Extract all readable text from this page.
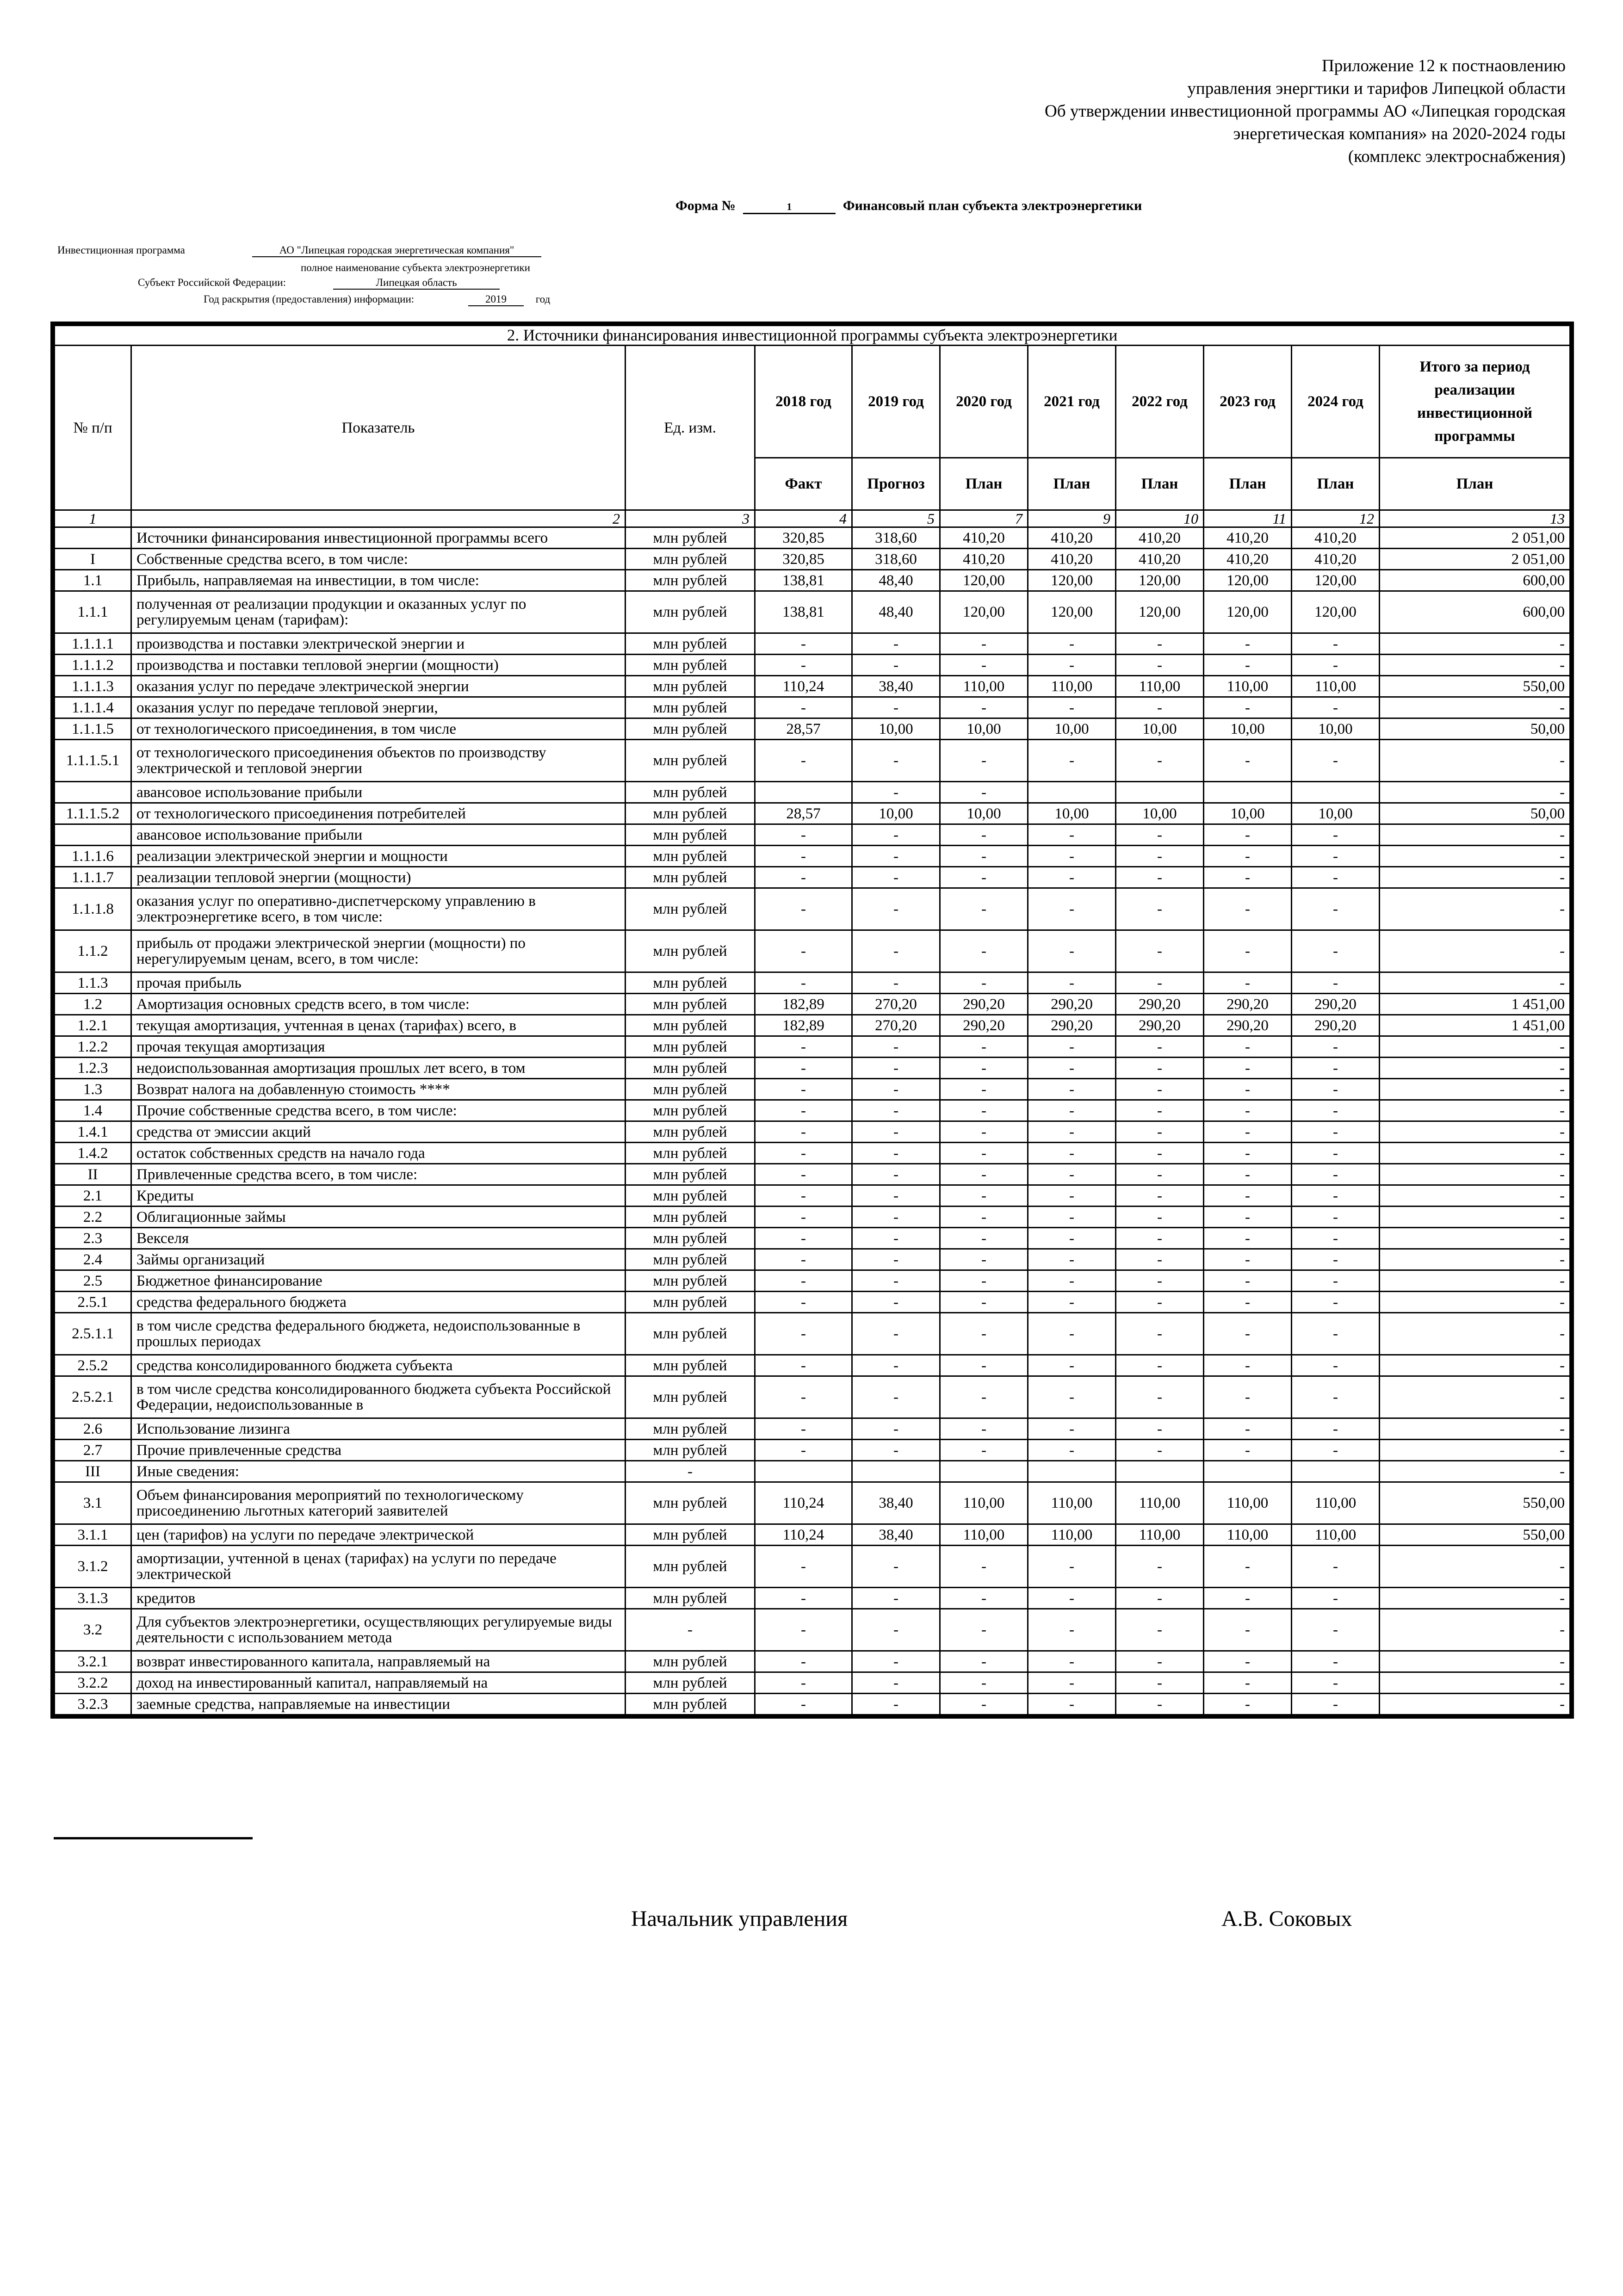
Приложение 12 к постнаовлению
управления энергтики и тарифов Липецкой области
Об утверждении инвестиционной программы АО «Липецкая городская
энергетическая компания» на 2020-2024 годы
(комплекс электроснабжения)
Форма №	1	Финансовый план субъекта электроэнергетики
Инвестиционная программа	АО "Липецкая городская энергетическая компания"
полное наименование субъекта электроэнергетики
Субъект Российской Федерации:	Липецкая область
Год раскрытия (предоставления) информации:	2019	год
2. Источники финансирования инвестиционной программы субъекта электроэнергетики										
№ п/п	Показатель	Ед. изм.	2018 год	2019 год	2020 год	2021 год	2022 год	2023 год	2024 год	Итого за период реализации инвестиционной программы
			Факт	Прогноз	План	План	План	План	План	План
1	2	3	4	5	7	9	10	11	12	13
	Источники финансирования инвестиционной программы всего	млн рублей	320,85	318,60	410,20	410,20	410,20	410,20	410,20	2 051,00
I	Собственные средства всего, в том числе:	млн рублей	320,85	318,60	410,20	410,20	410,20	410,20	410,20	2 051,00
1.1	Прибыль, направляемая на инвестиции, в том числе:	млн рублей	138,81	48,40	120,00	120,00	120,00	120,00	120,00	600,00
1.1.1	полученная от реализации продукции и оказанных услуг по регулируемым ценам (тарифам):	млн рублей	138,81	48,40	120,00	120,00	120,00	120,00	120,00	600,00
1.1.1.1	производства и поставки электрической энергии и	млн рублей	-	-	-	-	-	-	-	-
1.1.1.2	производства и поставки тепловой энергии (мощности)	млн рублей	-	-	-	-	-	-	-	-
1.1.1.3	оказания услуг по передаче электрической энергии	млн рублей	110,24	38,40	110,00	110,00	110,00	110,00	110,00	550,00
1.1.1.4	оказания услуг по передаче тепловой энергии,	млн рублей	-	-	-	-	-	-	-	-
1.1.1.5	от технологического присоединения, в том числе	млн рублей	28,57	10,00	10,00	10,00	10,00	10,00	10,00	50,00
1.1.1.5.1	от технологического присоединения объектов по производству электрической и тепловой энергии	млн рублей	-	-	-	-	-	-	-	-
	авансовое использование прибыли	млн рублей		-	-					-
1.1.1.5.2	от технологического присоединения потребителей	млн рублей	28,57	10,00	10,00	10,00	10,00	10,00	10,00	50,00
	авансовое использование прибыли	млн рублей	-	-	-	-	-	-	-	-
1.1.1.6	реализации электрической энергии и мощности	млн рублей	-	-	-	-	-	-	-	-
1.1.1.7	реализации тепловой энергии (мощности)	млн рублей	-	-	-	-	-	-	-	-
1.1.1.8	оказания услуг по оперативно-диспетчерскому управлению в электроэнергетике всего, в том числе:	млн рублей	-	-	-	-	-	-	-	-
1.1.2	прибыль от продажи электрической энергии (мощности) по нерегулируемым ценам, всего, в том числе:	млн рублей	-	-	-	-	-	-	-	-
1.1.3	прочая прибыль	млн рублей	-	-	-	-	-	-	-	-
1.2	Амортизация основных средств всего, в том числе:	млн рублей	182,89	270,20	290,20	290,20	290,20	290,20	290,20	1 451,00
1.2.1	текущая амортизация, учтенная в ценах (тарифах) всего, в	млн рублей	182,89	270,20	290,20	290,20	290,20	290,20	290,20	1 451,00
1.2.2	прочая текущая амортизация	млн рублей	-	-	-	-	-	-	-	-
1.2.3	недоиспользованная амортизация прошлых лет всего, в том	млн рублей	-	-	-	-	-	-	-	-
1.3	Возврат налога на добавленную стоимость ****	млн рублей	-	-	-	-	-	-	-	-
1.4	Прочие собственные средства всего, в том числе:	млн рублей	-	-	-	-	-	-	-	-
1.4.1	средства от эмиссии акций	млн рублей	-	-	-	-	-	-	-	-
1.4.2	остаток собственных средств на начало года	млн рублей	-	-	-	-	-	-	-	-
II	Привлеченные средства всего, в том числе:	млн рублей	-	-	-	-	-	-	-	-
2.1	Кредиты	млн рублей	-	-	-	-	-	-	-	-
2.2	Облигационные займы	млн рублей	-	-	-	-	-	-	-	-
2.3	Векселя	млн рублей	-	-	-	-	-	-	-	-
2.4	Займы организаций	млн рублей	-	-	-	-	-	-	-	-
2.5	Бюджетное финансирование	млн рублей	-	-	-	-	-	-	-	-
2.5.1	средства федерального бюджета	млн рублей	-	-	-	-	-	-	-	-
2.5.1.1	в том числе средства федерального бюджета, недоиспользованные в прошлых периодах	млн рублей	-	-	-	-	-	-	-	-
2.5.2	средства консолидированного бюджета субъекта	млн рублей	-	-	-	-	-	-	-	-
2.5.2.1	в том числе средства консолидированного бюджета субъекта Российской Федерации, недоиспользованные в	млн рублей	-	-	-	-	-	-	-	-
2.6	Использование лизинга	млн рублей	-	-	-	-	-	-	-	-
2.7	Прочие привлеченные средства	млн рублей	-	-	-	-	-	-	-	-
III	Иные сведения:	-								-
3.1	Объем финансирования мероприятий по технологическому присоединению льготных категорий заявителей	млн рублей	110,24	38,40	110,00	110,00	110,00	110,00	110,00	550,00
3.1.1	цен (тарифов) на услуги по передаче электрической	млн рублей	110,24	38,40	110,00	110,00	110,00	110,00	110,00	550,00
3.1.2	амортизации, учтенной в ценах (тарифах) на услуги по передаче электрической	млн рублей	-	-	-	-	-	-	-	-
3.1.3	кредитов	млн рублей	-	-	-	-	-	-	-	-
3.2	Для субъектов электроэнергетики, осуществляющих регулируемые виды деятельности с использованием метода	-	-	-	-	-	-	-	-	-
3.2.1	возврат инвестированного капитала, направляемый на	млн рублей	-	-	-	-	-	-	-	-
3.2.2	доход на инвестированный капитал, направляемый на	млн рублей	-	-	-	-	-	-	-	-
3.2.3	заемные средства, направляемые на инвестиции	млн рублей	-	-	-	-	-	-	-	-
Начальник управления	А.В. Соковых
